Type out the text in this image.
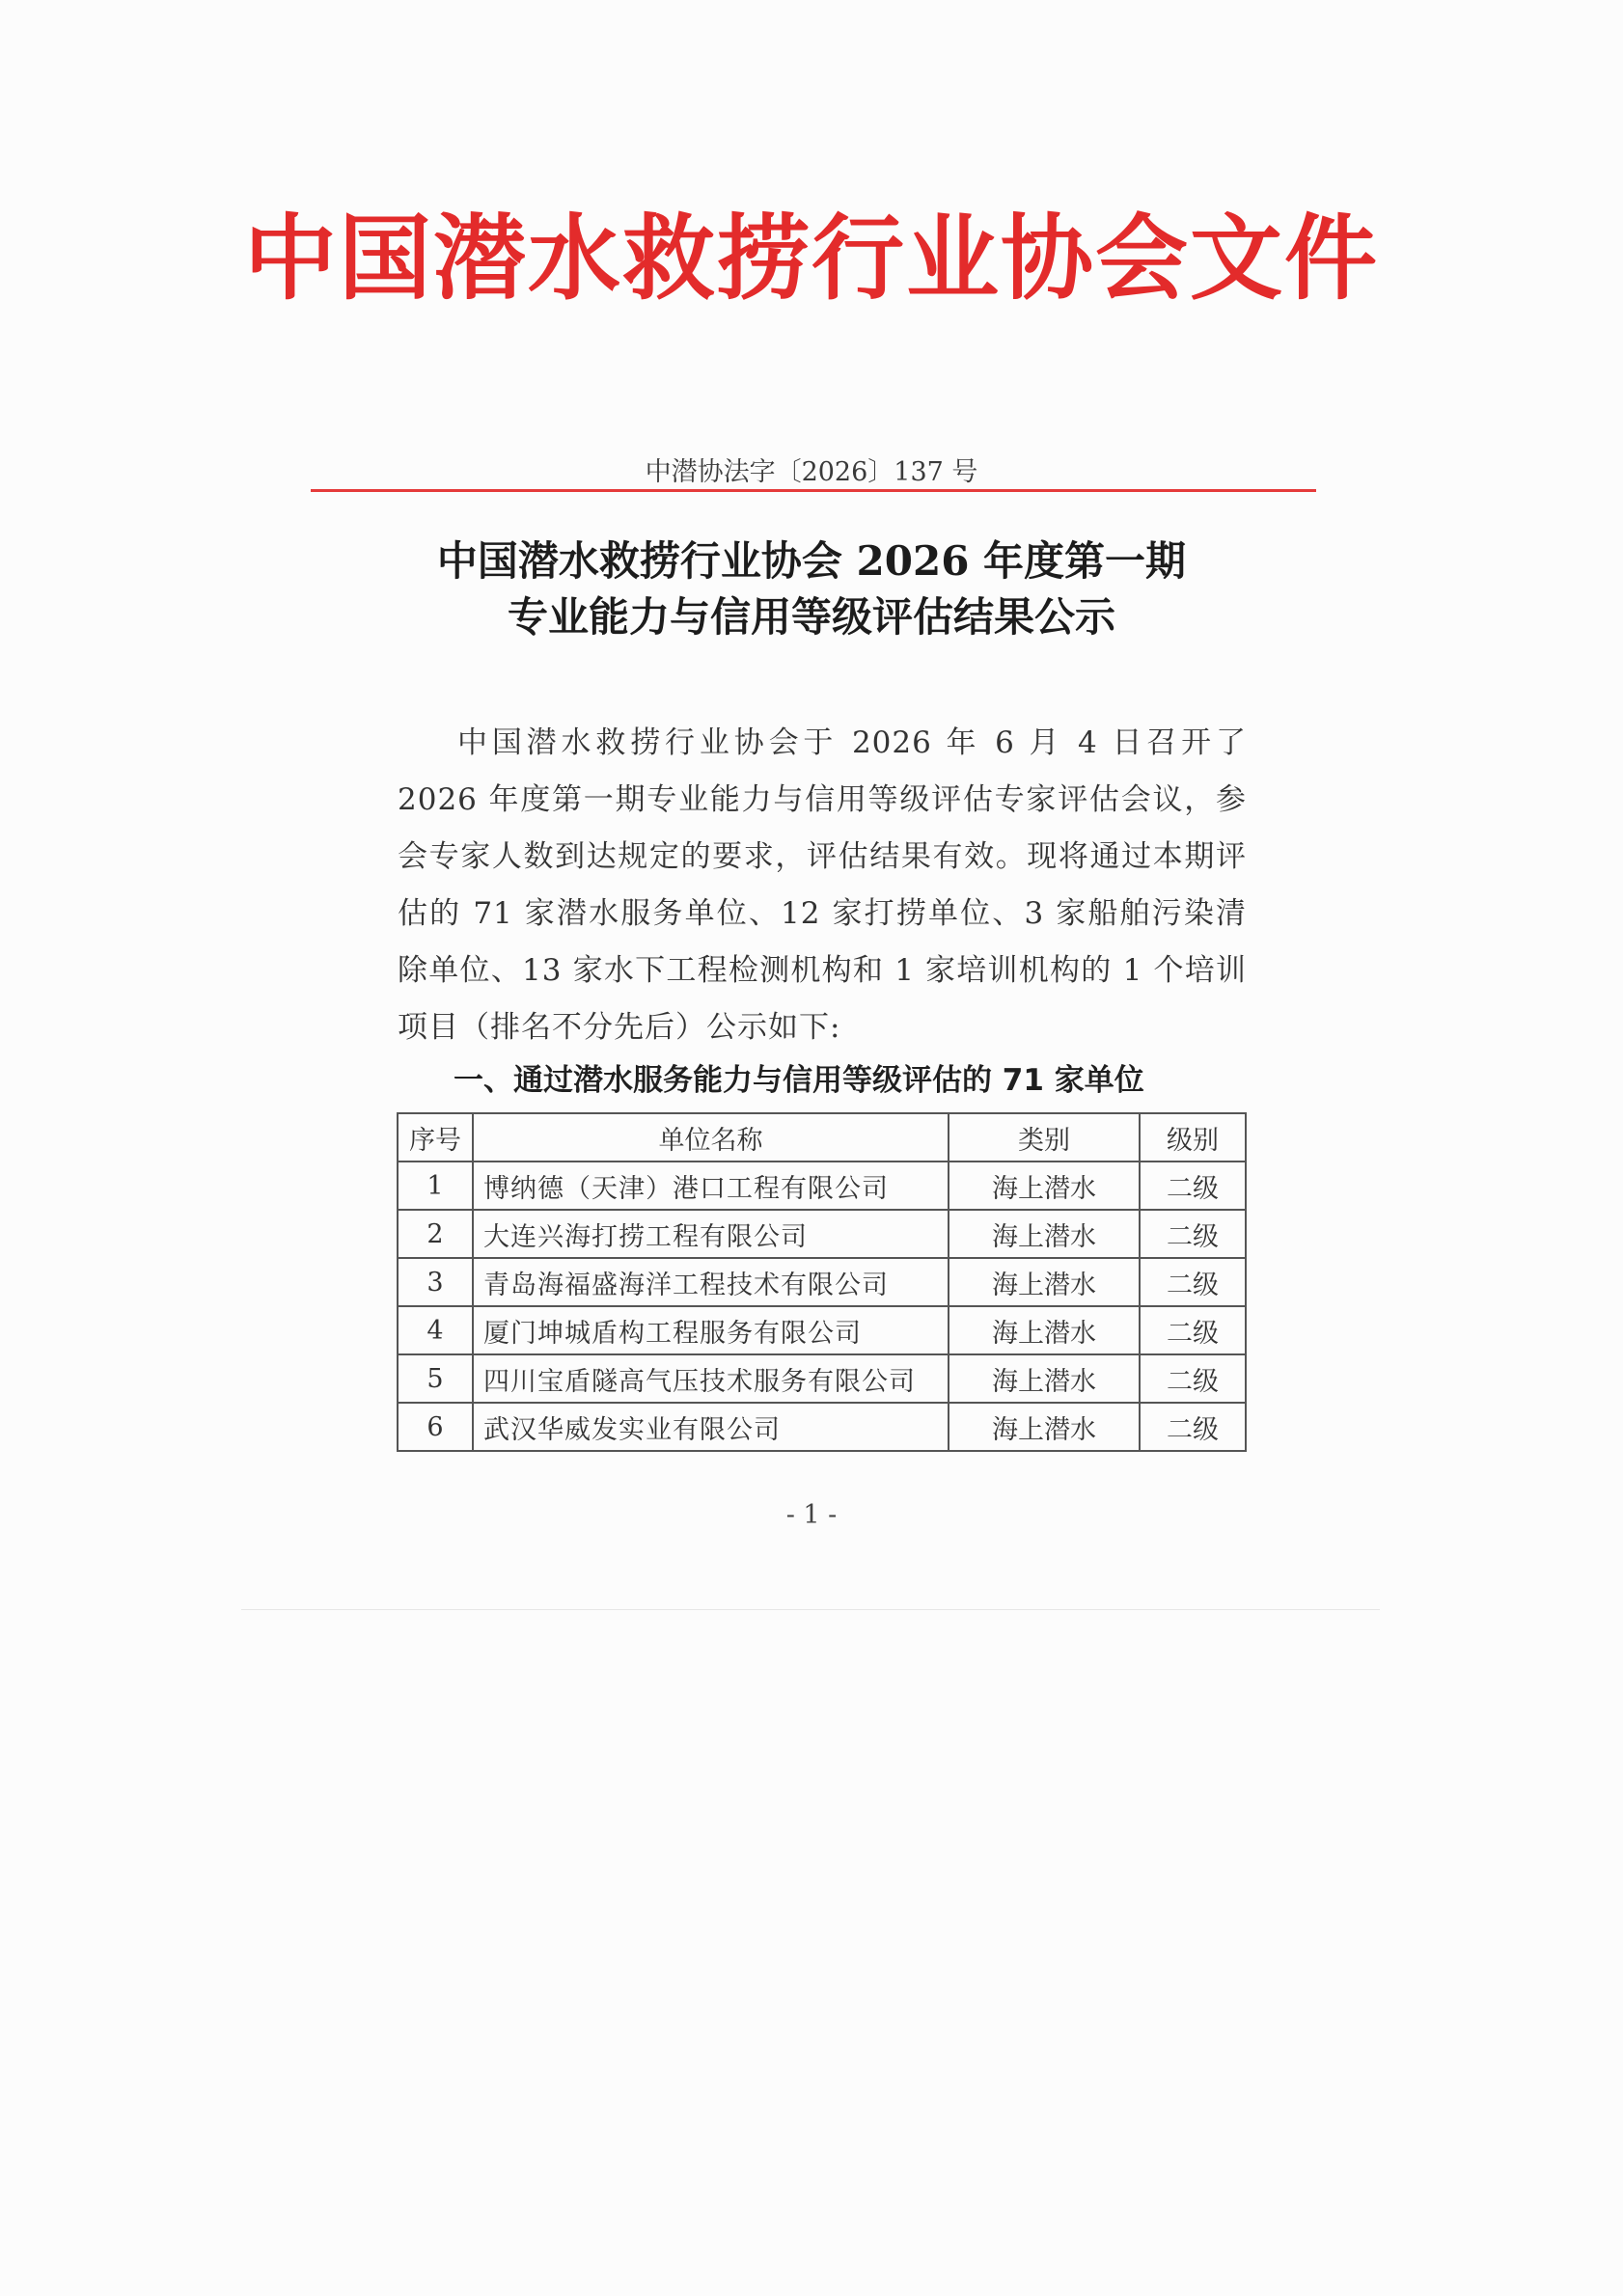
中国潜水救捞行业协会文件
中潜协法字〔2026〕137 号
中国潜水救捞行业协会 2026 年度第一期
专业能力与信用等级评估结果公示

中国潜水救捞行业协会于 2026 年 6 月 4 日召开了 2026 年度第一期专业能力与信用等级评估专家评估会议，参会专家人数到达规定的要求，评估结果有效。现将通过本期评估的 71 家潜水服务单位、12 家打捞单位、3 家船舶污染清除单位、13 家水下工程检测机构和 1 家培训机构的 1 个培训项目（排名不分先后）公示如下:

一、通过潜水服务能力与信用等级评估的 71 家单位
序号	单位名称	类别	级别
1	博纳德（天津）港口工程有限公司	海上潜水	二级
2	大连兴海打捞工程有限公司	海上潜水	二级
3	青岛海福盛海洋工程技术有限公司	海上潜水	二级
4	厦门坤城盾构工程服务有限公司	海上潜水	二级
5	四川宝盾隧高气压技术服务有限公司	海上潜水	二级
6	武汉华威发实业有限公司	海上潜水	二级
- 1 -
